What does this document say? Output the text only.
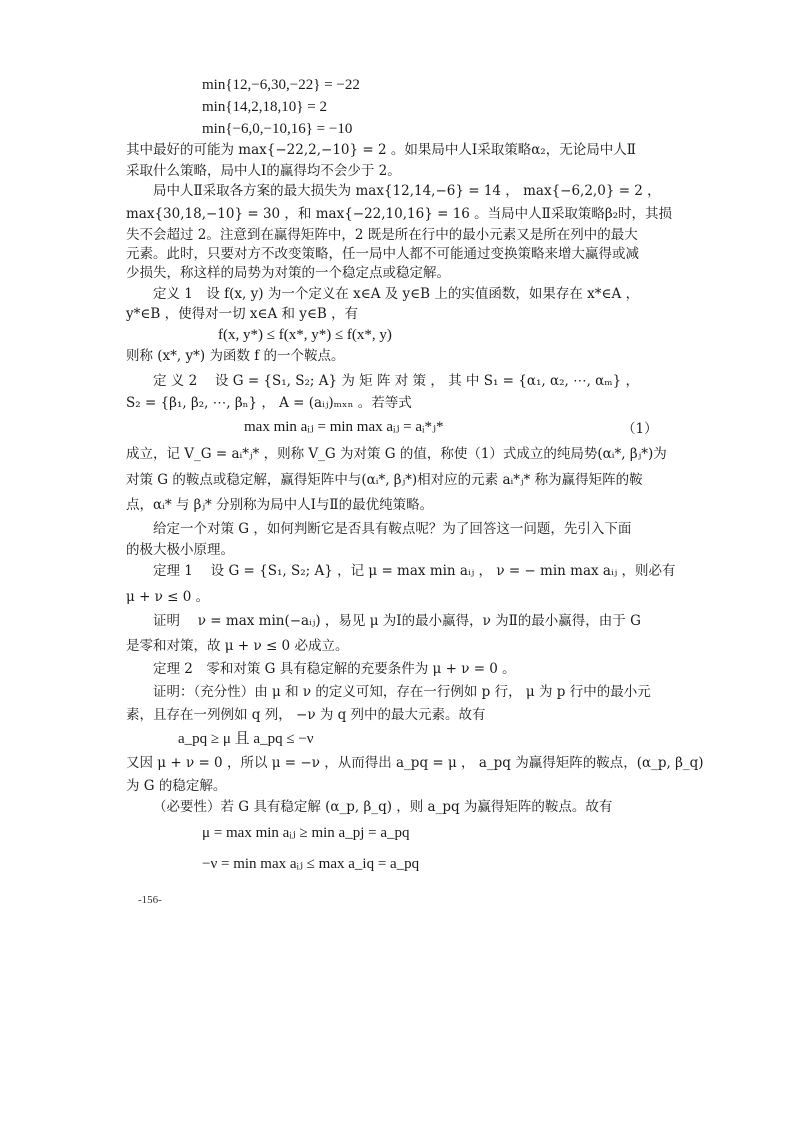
min{12,−6,30,−22} = −22
min{14,2,18,10} = 2
min{−6,0,−10,16} = −10
其中最好的可能为 max{−22,2,−10} = 2 。如果局中人Ⅰ采取策略α₂，无论局中人Ⅱ
采取什么策略，局中人Ⅰ的赢得均不会少于 2。
局中人Ⅱ采取各方案的最大损失为 max{12,14,−6} = 14 ， max{−6,2,0} = 2 ，
max{30,18,−10} = 30 ，和 max{−22,10,16} = 16 。当局中人Ⅱ采取策略β₂时，其损
失不会超过 2。注意到在赢得矩阵中，2 既是所在行中的最小元素又是所在列中的最大
元素。此时，只要对方不改变策略，任一局中人都不可能通过变换策略来增大赢得或减
少损失，称这样的局势为对策的一个稳定点或稳定解。
定义 1　设 f(x, y) 为一个定义在 x∈A 及 y∈B 上的实值函数，如果存在 x*∈A ，
y*∈B ，使得对一切 x∈A 和 y∈B ，有
f(x, y*) ≤ f(x*, y*) ≤ f(x*, y)
则称 (x*, y*) 为函数 f 的一个鞍点。
定 义 2　 设 G = {S₁, S₂; A} 为 矩 阵 对 策 ， 其 中 S₁ = {α₁, α₂, ⋯, αₘ} ，
S₂ = {β₁, β₂, ⋯, βₙ} ， A = (aᵢⱼ)ₘₓₙ 。若等式
max min aᵢⱼ = min max aᵢⱼ = aᵢ*ⱼ*	（1）
成立，记 V_G = aᵢ*ⱼ* ，则称 V_G 为对策 G 的值，称使（1）式成立的纯局势(αᵢ*, βⱼ*)为
对策 G 的鞍点或稳定解，赢得矩阵中与(αᵢ*, βⱼ*)相对应的元素 aᵢ*ⱼ* 称为赢得矩阵的鞍
点，αᵢ* 与 βⱼ* 分别称为局中人Ⅰ与Ⅱ的最优纯策略。
给定一个对策 G ，如何判断它是否具有鞍点呢？为了回答这一问题，先引入下面
的极大极小原理。
定理 1　 设 G = {S₁, S₂; A} ，记 μ = max min aᵢⱼ ， ν = − min max aᵢⱼ ，则必有
μ + ν ≤ 0 。
证明　 ν = max min(−aᵢⱼ) ，易见 μ 为Ⅰ的最小赢得，ν 为Ⅱ的最小赢得，由于 G
是零和对策，故 μ + ν ≤ 0 必成立。
定理 2　零和对策 G 具有稳定解的充要条件为 μ + ν = 0 。
证明：（充分性）由 μ 和 ν 的定义可知，存在一行例如 p 行， μ 为 p 行中的最小元
素，且存在一列例如 q 列， −ν 为 q 列中的最大元素。故有
a_pq ≥ μ 且 a_pq ≤ −ν
又因 μ + ν = 0 ，所以 μ = −ν ，从而得出 a_pq = μ ， a_pq 为赢得矩阵的鞍点，(α_p, β_q)
为 G 的稳定解。
（必要性）若 G 具有稳定解 (α_p, β_q) ，则 a_pq 为赢得矩阵的鞍点。故有
μ = max min aᵢⱼ ≥ min a_pj = a_pq
−ν = min max aᵢⱼ ≤ max a_iq = a_pq
-156-
